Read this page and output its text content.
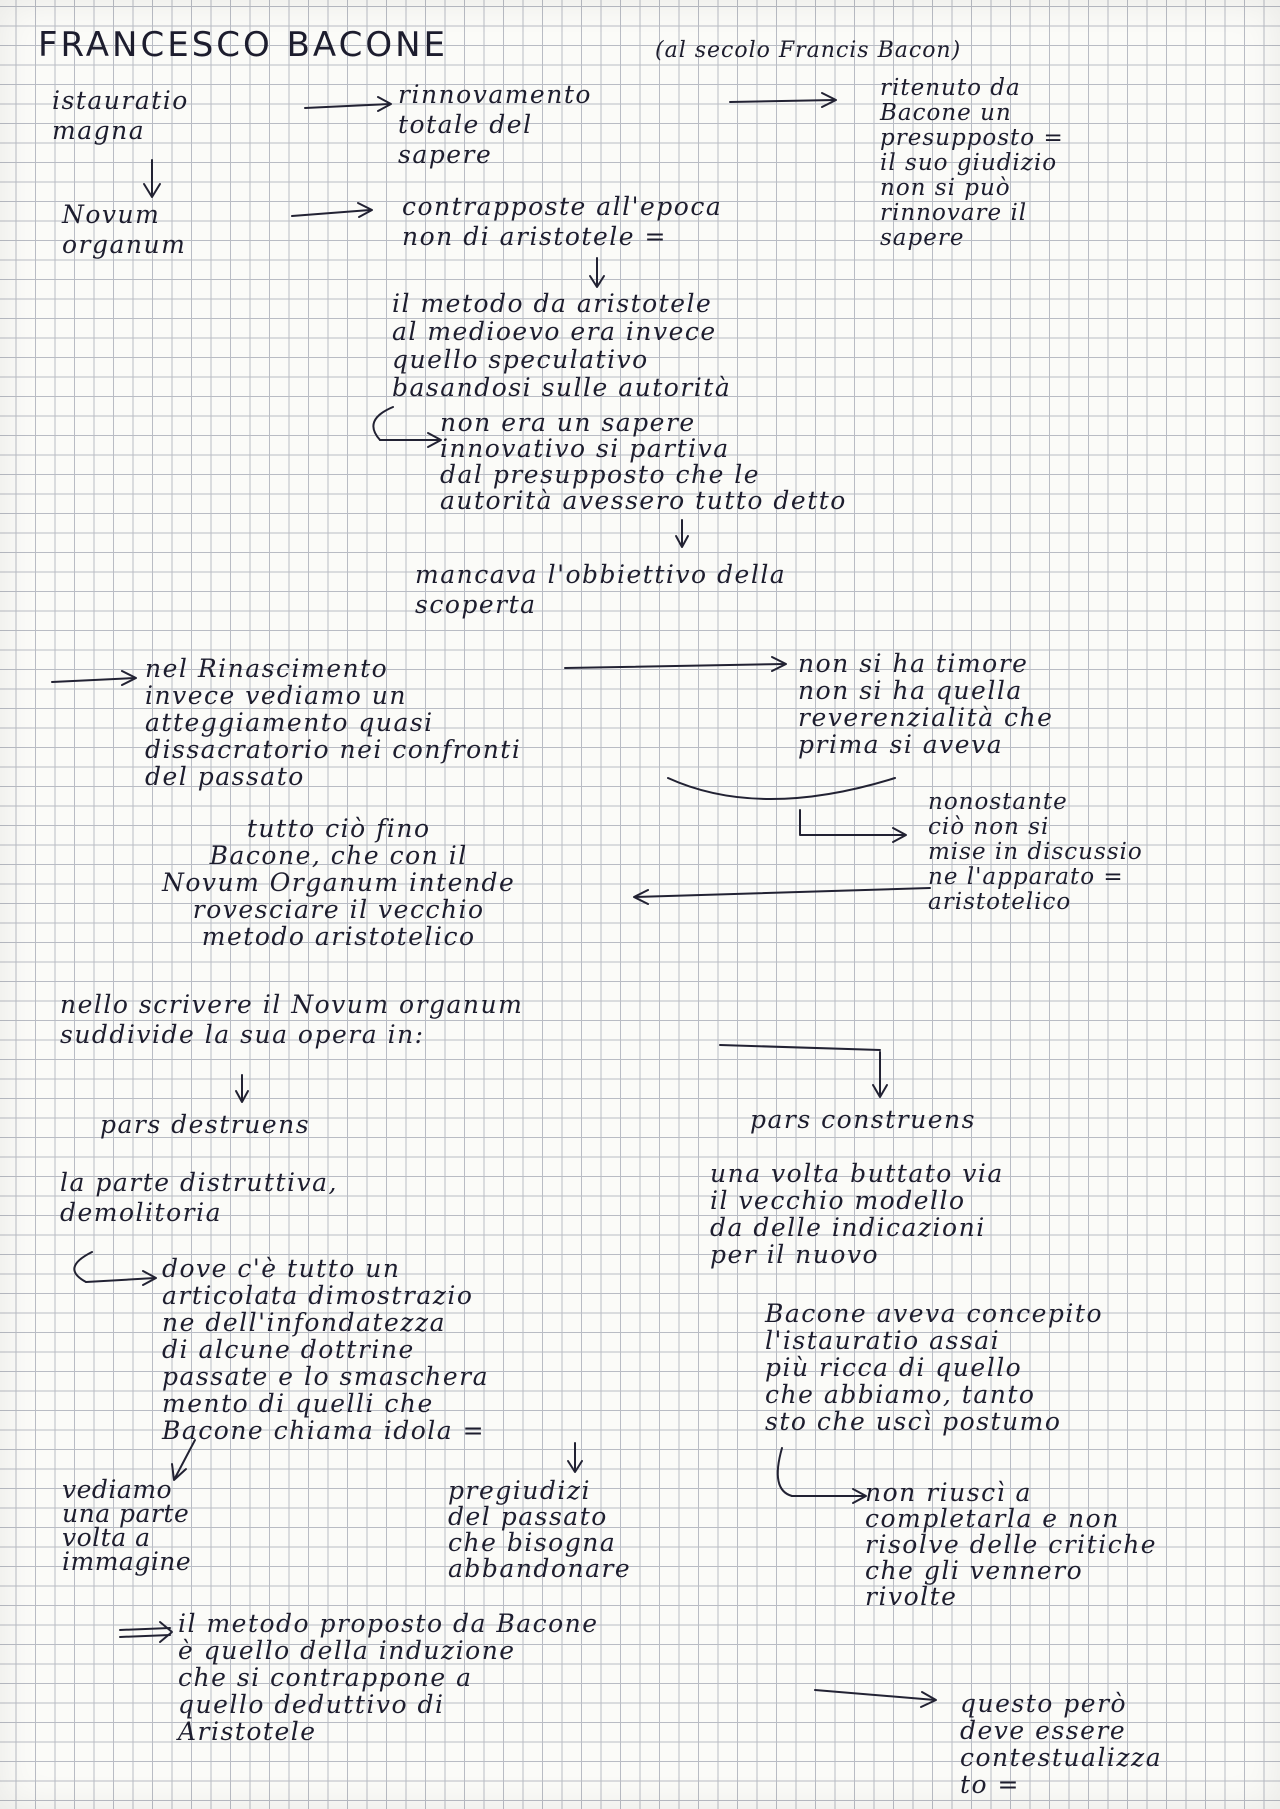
FRANCESCO BACONE	(al secolo Francis Bacon)
istauratio
magna
rinnovamento
totale del
sapere
ritenuto da
Bacone un
presupposto =
il suo giudizio
non si può
rinnovare il
sapere
Novum
organum
contrapposte all'epoca
non di aristotele =
il metodo da aristotele
al medioevo era invece
quello speculativo
basandosi sulle autorità
non era un sapere
innovativo si partiva
dal presupposto che le
autorità avessero tutto detto
mancava l'obbiettivo della
scoperta
nel Rinascimento
invece vediamo un
atteggiamento quasi
dissacratorio nei confronti
del passato
non si ha timore
non si ha quella
reverenzialità che
prima si aveva
nonostante
ciò non si
mise in discussio
ne l'apparato =
aristotelico
tutto ciò fino
Bacone, che con il
Novum Organum intende
rovesciare il vecchio
metodo aristotelico
nello scrivere il Novum organum
suddivide la sua opera in:
pars destruens	pars construens
la parte distruttiva,
demolitoria
una volta buttato via
il vecchio modello
da delle indicazioni
per il nuovo
dove c'è tutto un
articolata dimostrazio
ne dell'infondatezza
di alcune dottrine
passate e lo smaschera
mento di quelli che
Bacone chiama idola =
Bacone aveva concepito
l'istauratio assai
più ricca di quello
che abbiamo, tanto
sto che uscì postumo
vediamo
una parte
volta a
immagine
pregiudizi
del passato
che bisogna
abbandonare
non riuscì a
completarla e non
risolve delle critiche
che gli vennero
rivolte
il metodo proposto da Bacone
è quello della induzione
che si contrappone a
quello deduttivo di
Aristotele
questo però
deve essere
contestualizza
to =
